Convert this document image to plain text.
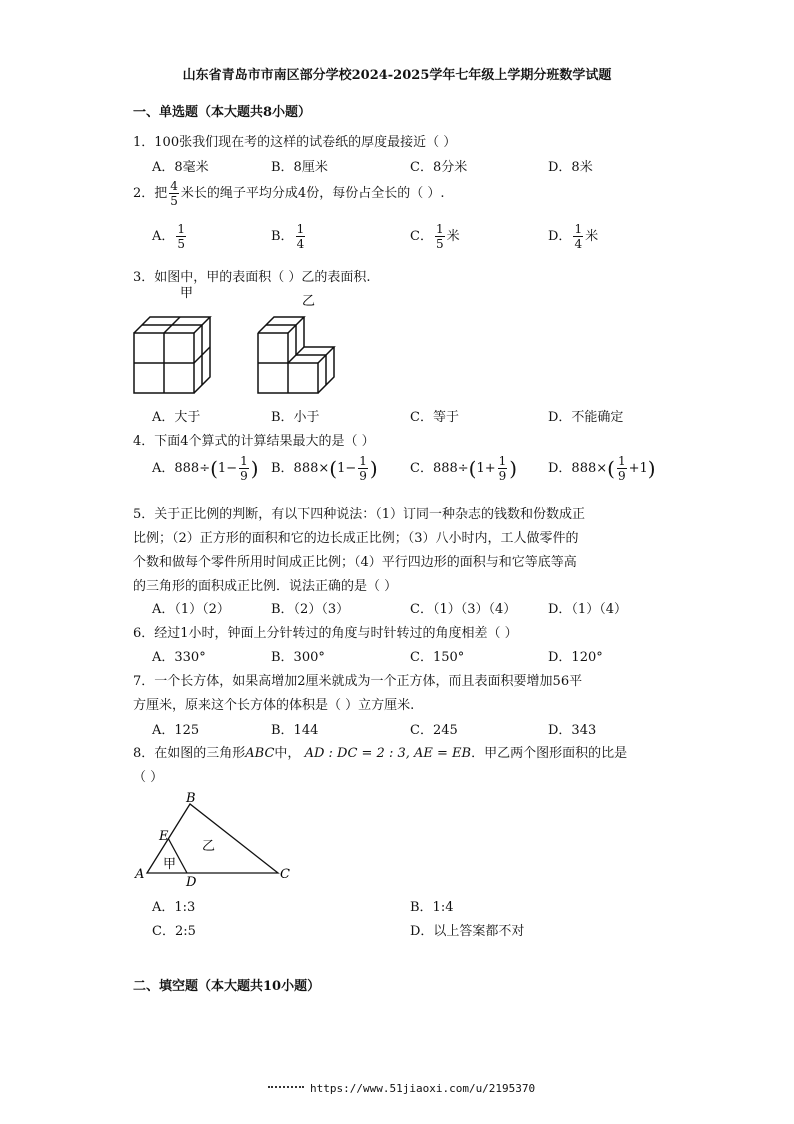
山东省青岛市市南区部分学校2024-2025学年七年级上学期分班数学试题
一、单选题（本大题共8小题）
1．100张我们现在考的这样的试卷纸的厚度最接近（ ）
A．8毫米	B．8厘米	C．8分米	D．8米
2．把 $\frac{4}{5}$ 米长的绳子平均分成4份，每份占全长的（ ）.
A． $\frac{1}{5}$	B． $\frac{1}{4}$	C． $\frac{1}{5}$ 米	D． $\frac{1}{4}$ 米
3．如图中，甲的表面积（ ）乙的表面积.
甲
乙
A．大于	B．小于	C．等于	D．不能确定
4．下面4个算式的计算结果最大的是（ ）
A．$888\div(1- \frac{1}{9}$ ) B．$888\times(1- \frac{1}{9}$ ) C．$888\div(1+ \frac{1}{9}$ ) D．$888\times( \frac{1}{9} +1)$
5．关于正比例的判断，有以下四种说法：（1）订同一种杂志的钱数和份数成正
比例；（2）正方形的面积和它的边长成正比例；（3）八小时内，工人做零件的
个数和做每个零件所用时间成正比例；（4）平行四边形的面积与和它等底等高
的三角形的面积成正比例．说法正确的是（ ）
A．（1）（2）	B．（2）（3）	C．（1）（3）（4） D．（1）（4）
6．经过1小时，钟面上分针转过的角度与时针转过的角度相差（ ）
A．330°	B．300°	C．150°	D．120°
7．一个长方体，如果高增加2厘米就成为一个正方体，而且表面积要增加56平
方厘米，原来这个长方体的体积是（ ）立方厘米.
A．125	B．144	C．245	D．343
8．在如图的三角形ABC中， AD : DC = 2 : 3, AE = EB．甲乙两个图形面积的比是
（ ）
B
E
A
D
C
甲
乙
A．1:3	B．1:4
C．2:5	D．以上答案都不对
二、填空题（本大题共10小题）
https://www.51jiaoxi.com/u/2195370
